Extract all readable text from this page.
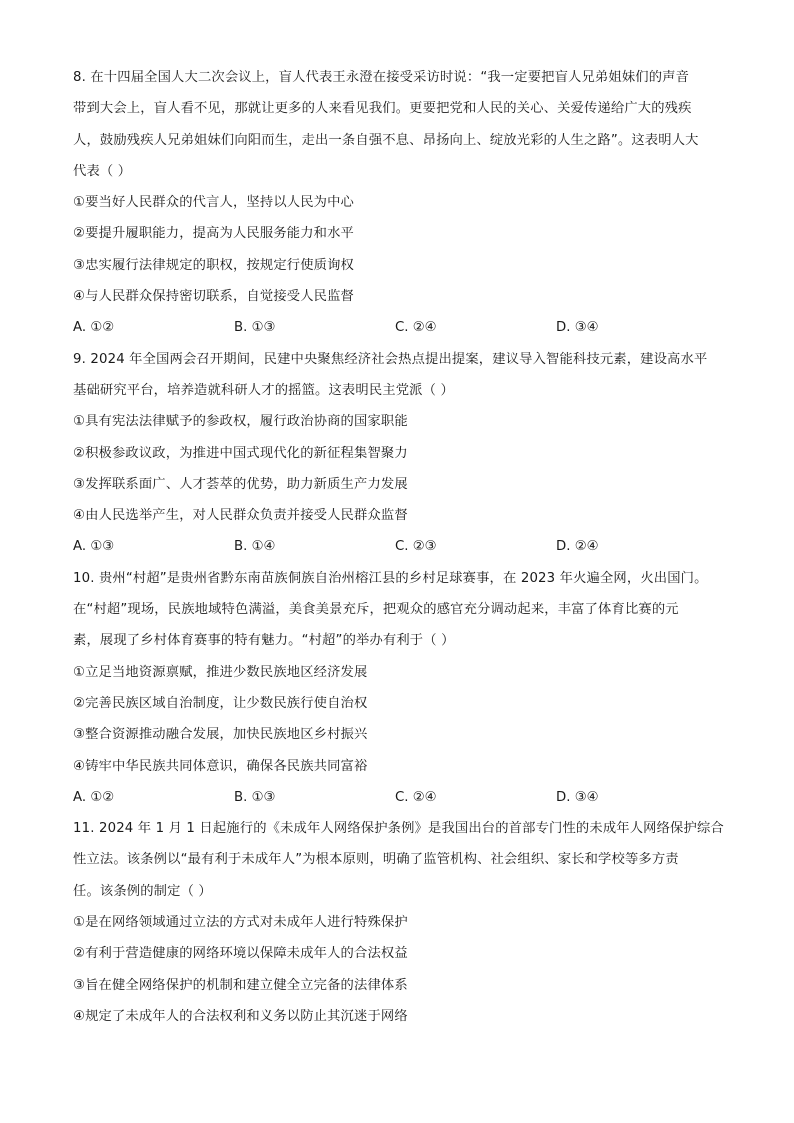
8. 在十四届全国人大二次会议上，盲人代表王永澄在接受采访时说：“我一定要把盲人兄弟姐妹们的声音
带到大会上，盲人看不见，那就让更多的人来看见我们。更要把党和人民的关心、关爱传递给广大的残疾
人，鼓励残疾人兄弟姐妹们向阳而生，走出一条自强不息、昂扬向上、绽放光彩的人生之路”。这表明人大
代表（ ）
①要当好人民群众的代言人，坚持以人民为中心
②要提升履职能力，提高为人民服务能力和水平
③忠实履行法律规定的职权，按规定行使质询权
④与人民群众保持密切联系，自觉接受人民监督
A. ①②	B. ①③	C. ②④	D. ③④
9. 2024 年全国两会召开期间，民建中央聚焦经济社会热点提出提案，建议导入智能科技元素，建设高水平
基础研究平台，培养造就科研人才的摇篮。这表明民主党派（ ）
①具有宪法法律赋予的参政权，履行政治协商的国家职能
②积极参政议政，为推进中国式现代化的新征程集智聚力
③发挥联系面广、人才荟萃的优势，助力新质生产力发展
④由人民选举产生，对人民群众负责并接受人民群众监督
A. ①③	B. ①④	C. ②③	D. ②④
10. 贵州“村超”是贵州省黔东南苗族侗族自治州榕江县的乡村足球赛事，在 2023 年火遍全网，火出国门。
在“村超”现场，民族地域特色满溢，美食美景充斥，把观众的感官充分调动起来，丰富了体育比赛的元
素，展现了乡村体育赛事的特有魅力。“村超”的举办有利于（ ）
①立足当地资源禀赋，推进少数民族地区经济发展
②完善民族区域自治制度，让少数民族行使自治权
③整合资源推动融合发展，加快民族地区乡村振兴
④铸牢中华民族共同体意识，确保各民族共同富裕
A. ①②	B. ①③	C. ②④	D. ③④
11. 2024 年 1 月 1 日起施行的《未成年人网络保护条例》是我国出台的首部专门性的未成年人网络保护综合
性立法。该条例以“最有利于未成年人”为根本原则，明确了监管机构、社会组织、家长和学校等多方责
任。该条例的制定（ ）
①是在网络领域通过立法的方式对未成年人进行特殊保护
②有利于营造健康的网络环境以保障未成年人的合法权益
③旨在健全网络保护的机制和建立健全立完备的法律体系
④规定了未成年人的合法权利和义务以防止其沉迷于网络
